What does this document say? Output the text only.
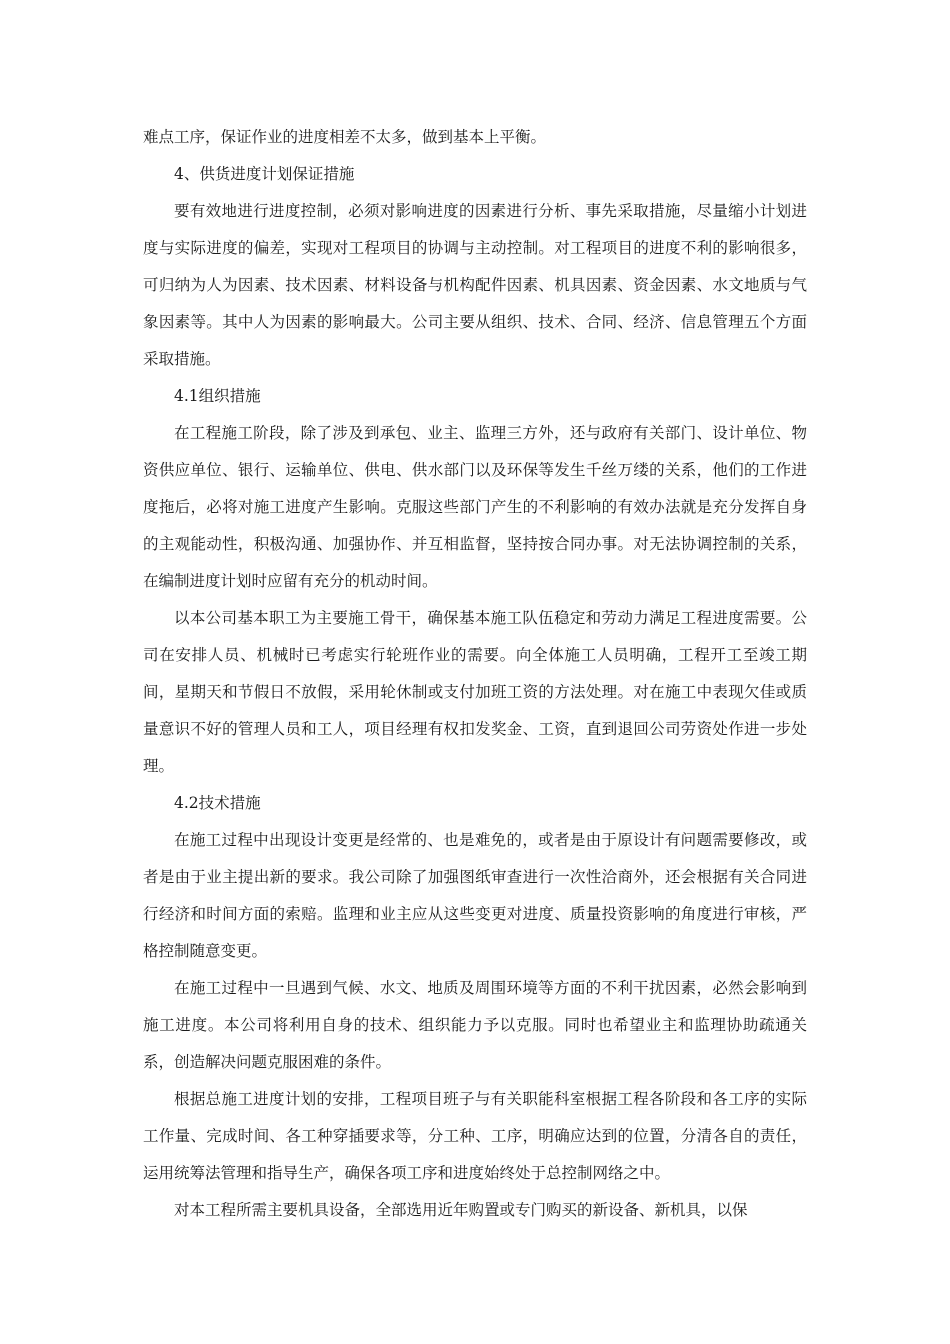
难点工序，保证作业的进度相差不太多，做到基本上平衡。

4、供货进度计划保证措施

要有效地进行进度控制，必须对影响进度的因素进行分析、事先采取措施，尽量缩小计划进度与实际进度的偏差，实现对工程项目的协调与主动控制。对工程项目的进度不利的影响很多，可归纳为人为因素、技术因素、材料设备与机构配件因素、机具因素、资金因素、水文地质与气象因素等。其中人为因素的影响最大。公司主要从组织、技术、合同、经济、信息管理五个方面采取措施。

4.1组织措施

在工程施工阶段，除了涉及到承包、业主、监理三方外，还与政府有关部门、设计单位、物资供应单位、银行、运输单位、供电、供水部门以及环保等发生千丝万缕的关系，他们的工作进度拖后，必将对施工进度产生影响。克服这些部门产生的不利影响的有效办法就是充分发挥自身的主观能动性，积极沟通、加强协作、并互相监督，坚持按合同办事。对无法协调控制的关系，在编制进度计划时应留有充分的机动时间。

以本公司基本职工为主要施工骨干，确保基本施工队伍稳定和劳动力满足工程进度需要。公司在安排人员、机械时已考虑实行轮班作业的需要。向全体施工人员明确，工程开工至竣工期间，星期天和节假日不放假，采用轮休制或支付加班工资的方法处理。对在施工中表现欠佳或质量意识不好的管理人员和工人，项目经理有权扣发奖金、工资，直到退回公司劳资处作进一步处理。

4.2技术措施

在施工过程中出现设计变更是经常的、也是难免的，或者是由于原设计有问题需要修改，或者是由于业主提出新的要求。我公司除了加强图纸审查进行一次性洽商外，还会根据有关合同进行经济和时间方面的索赔。监理和业主应从这些变更对进度、质量投资影响的角度进行审核，严格控制随意变更。

在施工过程中一旦遇到气候、水文、地质及周围环境等方面的不利干扰因素，必然会影响到施工进度。本公司将利用自身的技术、组织能力予以克服。同时也希望业主和监理协助疏通关系，创造解决问题克服困难的条件。

根据总施工进度计划的安排，工程项目班子与有关职能科室根据工程各阶段和各工序的实际工作量、完成时间、各工种穿插要求等，分工种、工序，明确应达到的位置，分清各自的责任，运用统筹法管理和指导生产，确保各项工序和进度始终处于总控制网络之中。

对本工程所需主要机具设备，全部选用近年购置或专门购买的新设备、新机具，以保
